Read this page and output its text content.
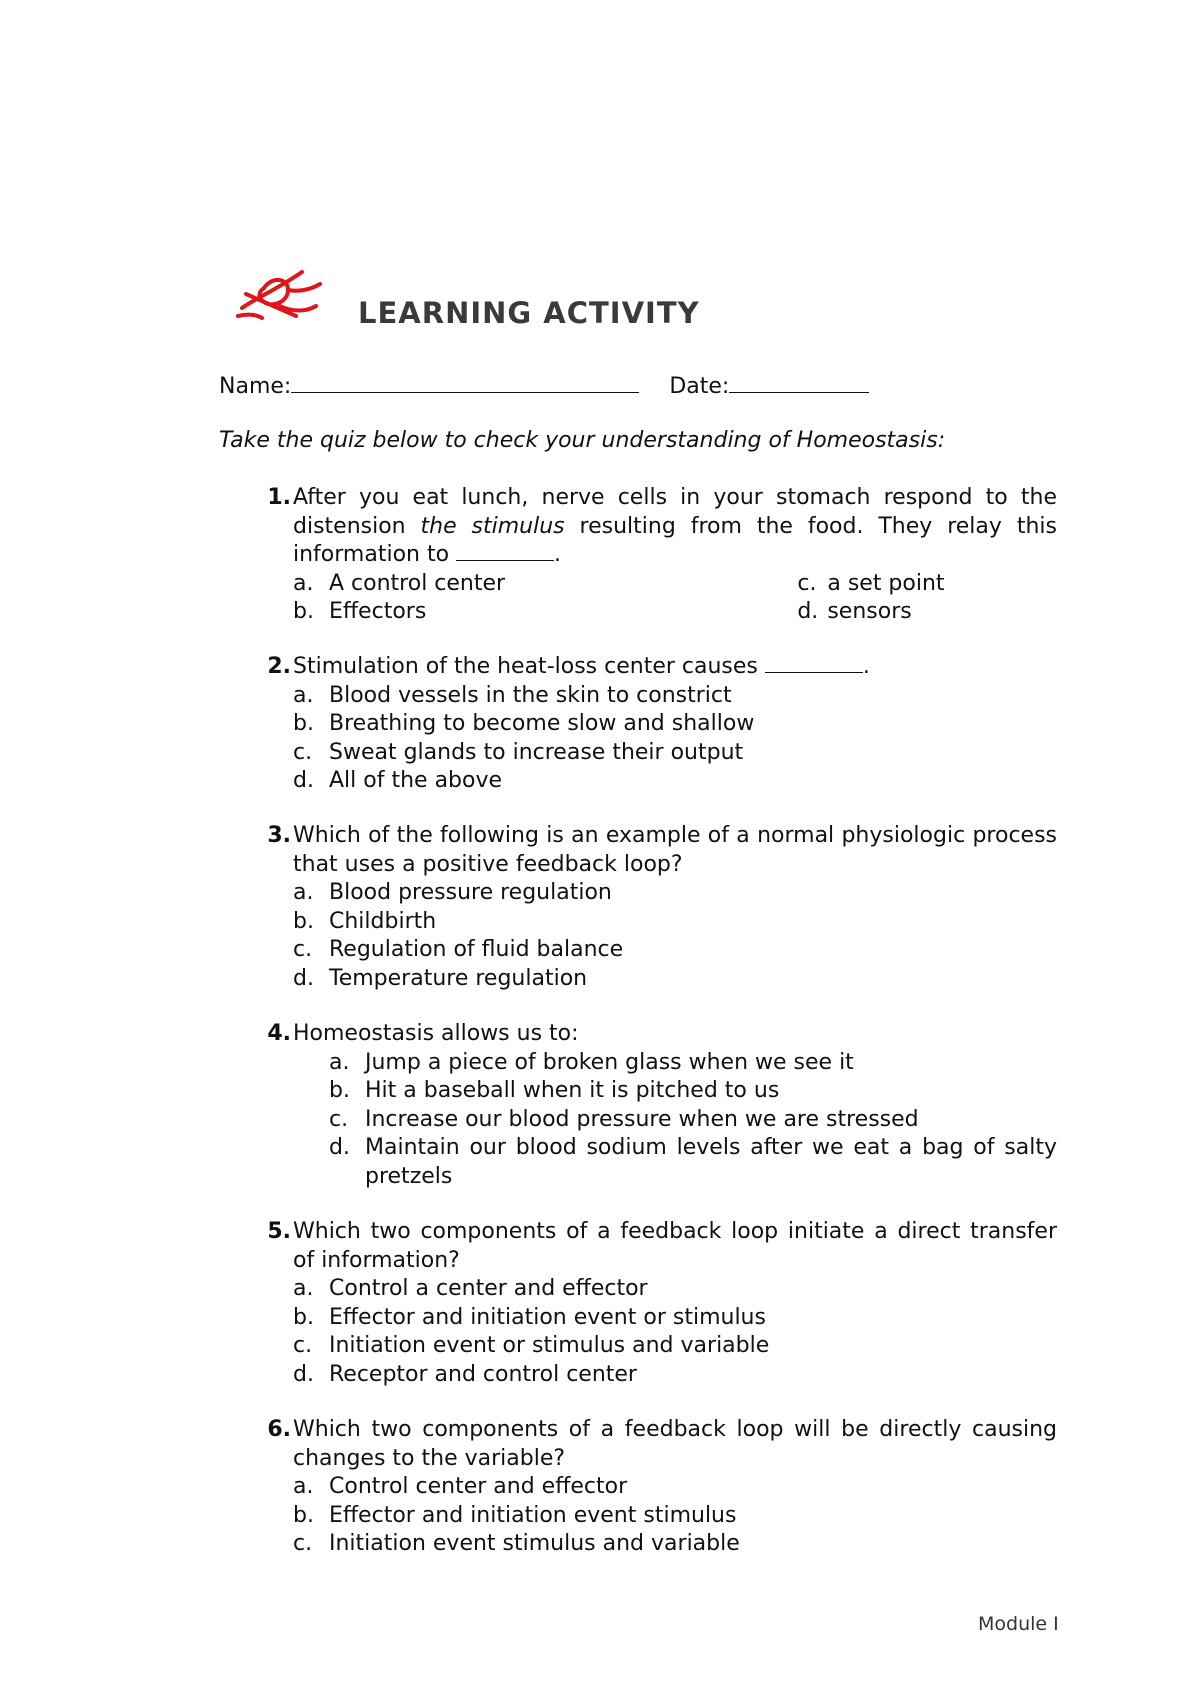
LEARNING ACTIVITY
Name:	Date:
Take the quiz below to check your understanding of Homeostasis:
1. After you eat lunch, nerve cells in your stomach respond to the distension the stimulus resulting from the food. They relay this information to	.
a. A control center
b. Effectors
c. a set point
d. sensors
2. Stimulation of the heat-loss center causes	.
a. Blood vessels in the skin to constrict
b. Breathing to become slow and shallow
c. Sweat glands to increase their output
d. All of the above
3. Which of the following is an example of a normal physiologic process that uses a positive feedback loop?
a. Blood pressure regulation
b. Childbirth
c. Regulation of fluid balance
d. Temperature regulation
4. Homeostasis allows us to:
a. Jump a piece of broken glass when we see it
b. Hit a baseball when it is pitched to us
c. Increase our blood pressure when we are stressed
d. Maintain our blood sodium levels after we eat a bag of salty pretzels
5. Which two components of a feedback loop initiate a direct transfer of information?
a. Control a center and effector
b. Effector and initiation event or stimulus
c. Initiation event or stimulus and variable
d. Receptor and control center
6. Which two components of a feedback loop will be directly causing changes to the variable?
a. Control center and effector
b. Effector and initiation event stimulus
c. Initiation event stimulus and variable
Module I
